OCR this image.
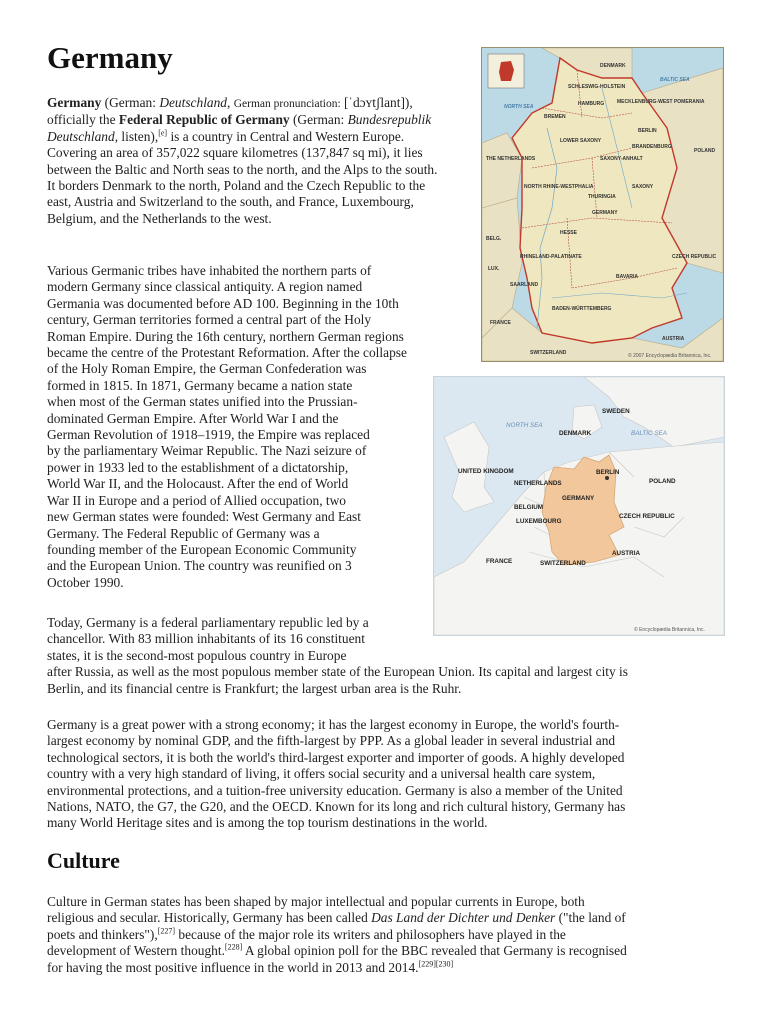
Germany

Germany (German: Deutschland, German pronunciation: [ˈdɔʏtʃlant]), officially the Federal Republic of Germany (German: Bundesrepublik Deutschland, listen),[e] is a country in Central and Western Europe. Covering an area of 357,022 square kilometres (137,847 sq mi), it lies between the Baltic and North seas to the north, and the Alps to the south. It borders Denmark to the north, Poland and the Czech Republic to the east, Austria and Switzerland to the south, and France, Luxembourg, Belgium, and the Netherlands to the west.

Various Germanic tribes have inhabited the northern parts of
modern Germany since classical antiquity. A region named
Germania was documented before AD 100. Beginning in the 10th
century, German territories formed a central part of the Holy
Roman Empire. During the 16th century, northern German regions
became the centre of the Protestant Reformation. After the collapse
of the Holy Roman Empire, the German Confederation was
formed in 1815. In 1871, Germany became a nation state
when most of the German states unified into the Prussian-
dominated German Empire. After World War I and the
German Revolution of 1918–1919, the Empire was replaced
by the parliamentary Weimar Republic. The Nazi seizure of
power in 1933 led to the establishment of a dictatorship,
World War II, and the Holocaust. After the end of World
War II in Europe and a period of Allied occupation, two
new German states were founded: West Germany and East
Germany. The Federal Republic of Germany was a
founding member of the European Economic Community
and the European Union. The country was reunified on 3
October 1990.
Today, Germany is a federal parliamentary republic led by a
chancellor. With 83 million inhabitants of its 16 constituent
states, it is the second-most populous country in Europe
after Russia, as well as the most populous member state of the European Union. Its capital and largest city is
Berlin, and its financial centre is Frankfurt; the largest urban area is the Ruhr.
Germany is a great power with a strong economy; it has the largest economy in Europe, the world's fourth-
largest economy by nominal GDP, and the fifth-largest by PPP. As a global leader in several industrial and
technological sectors, it is both the world's third-largest exporter and importer of goods. A highly developed
country with a very high standard of living, it offers social security and a universal health care system,
environmental protections, and a tuition-free university education. Germany is also a member of the United
Nations, NATO, the G7, the G20, and the OECD. Known for its long and rich cultural history, Germany has
many World Heritage sites and is among the top tourism destinations in the world.
Culture
Culture in German states has been shaped by major intellectual and popular currents in Europe, both
religious and secular. Historically, Germany has been called Das Land der Dichter und Denker ("the land of
poets and thinkers"),[227] because of the major role its writers and philosophers have played in the
development of Western thought.[228] A global opinion poll for the BBC revealed that Germany is recognised
for having the most positive influence in the world in 2013 and 2014.[229][230]
DENMARK
BALTIC SEA
NORTH SEA
SCHLESWIG-HOLSTEIN
HAMBURG	MECKLENBURG-WEST POMERANIA
BREMEN
LOWER SAXONY
BERLIN
BRANDENBURG
THE NETHERLANDS	SAXONY-ANHALT
NORTH RHINE-WESTPHALIA	SAXONY
THURINGIA
POLAND
GERMANY
HESSE
BELG.
RHINELAND-PALATINATE
LUX.
SAARLAND
BAVARIA
CZECH REPUBLIC
BADEN-WÜRTTEMBERG
FRANCE
AUSTRIA
SWITZERLAND	© 2007 Encyclopædia Britannica, Inc.
SWEDEN
NORTH SEA
DENMARK	BALTIC SEA
UNITED KINGDOM
NETHERLANDS
BERLIN
POLAND
GERMANY
BELGIUM
LUXEMBOURG
CZECH REPUBLIC
AUSTRIA
FRANCE	SWITZERLAND
© Encyclopædia Britannica, Inc.
